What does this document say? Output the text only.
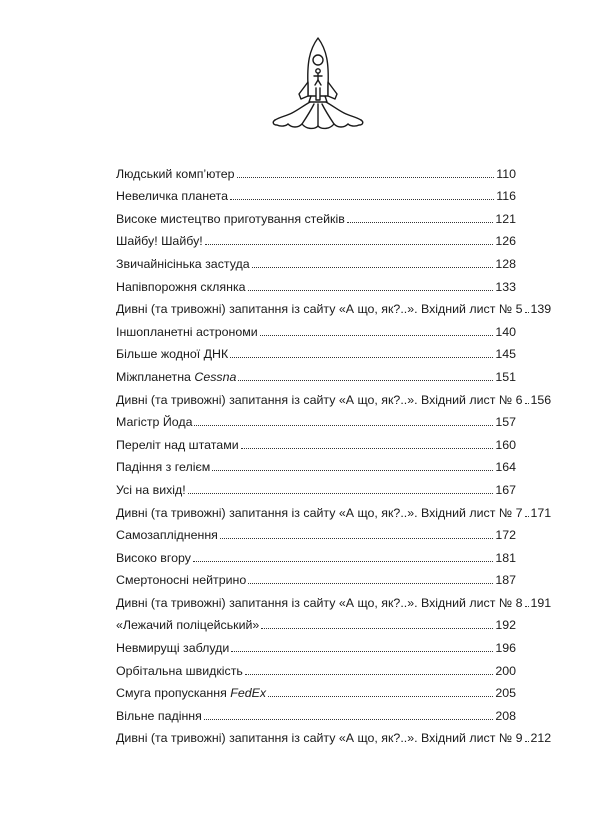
Людський комп’ютер	110
Невеличка планета	116
Високе мистецтво приготування стейків	121
Шайбу! Шайбу!	126
Звичайнісінька застуда	128
Напівпорожня склянка	133
Дивні (та тривожні) запитання із сайту «А що, як?..». Вхідний лист № 5 139
Іншопланетні астрономи	140
Більше жодної ДНК	145
Міжпланетна Cessna	151
Дивні (та тривожні) запитання із сайту «А що, як?..». Вхідний лист № 6 156
Магістр Йода	157
Переліт над штатами	160
Падіння з гелієм	164
Усі на вихід!	167
Дивні (та тривожні) запитання із сайту «А що, як?..». Вхідний лист № 7 171
Самозапліднення	172
Високо вгору	181
Смертоносні нейтрино	187
Дивні (та тривожні) запитання із сайту «А що, як?..». Вхідний лист № 8 191
«Лежачий поліцейський»	192
Невмирущі заблуди	196
Орбітальна швидкість	200
Смуга пропускання FedEx	205
Вільне падіння	208
Дивні (та тривожні) запитання із сайту «А що, як?..». Вхідний лист № 9 212
